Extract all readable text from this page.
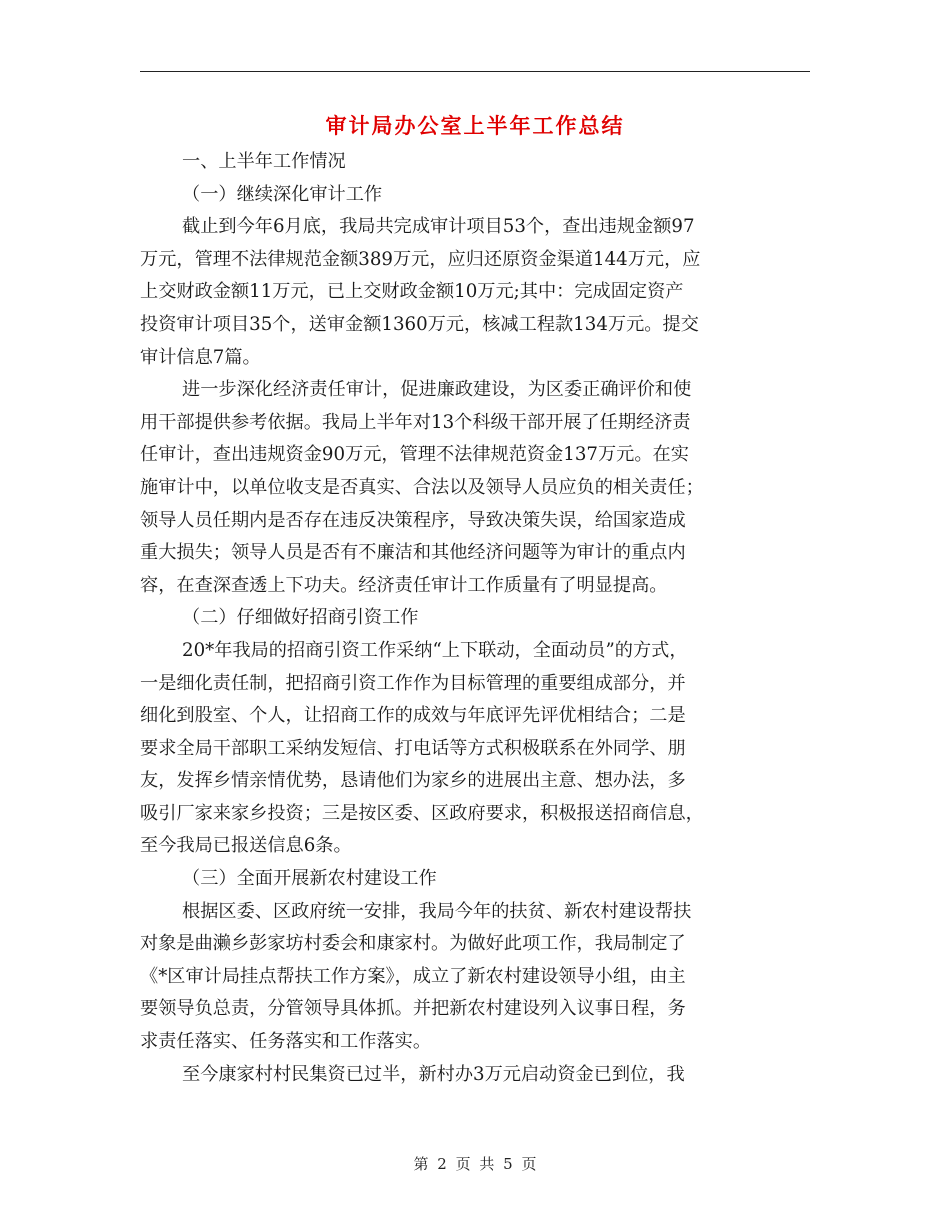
审计局办公室上半年工作总结
一、上半年工作情况
（一）继续深化审计工作
截止到今年6月底，我局共完成审计项目53个，查出违规金额97
万元，管理不法律规范金额389万元，应归还原资金渠道144万元，应
上交财政金额11万元，已上交财政金额10万元;其中：完成固定资产
投资审计项目35个，送审金额1360万元，核减工程款134万元。提交
审计信息7篇。
进一步深化经济责任审计，促进廉政建设，为区委正确评价和使
用干部提供参考依据。我局上半年对13个科级干部开展了任期经济责
任审计，查出违规资金90万元，管理不法律规范资金137万元。在实
施审计中，以单位收支是否真实、合法以及领导人员应负的相关责任；
领导人员任期内是否存在违反决策程序，导致决策失误，给国家造成
重大损失；领导人员是否有不廉洁和其他经济问题等为审计的重点内
容，在查深查透上下功夫。经济责任审计工作质量有了明显提高。
（二）仔细做好招商引资工作
20*年我局的招商引资工作采纳“上下联动，全面动员”的方式，
一是细化责任制，把招商引资工作作为目标管理的重要组成部分，并
细化到股室、个人，让招商工作的成效与年底评先评优相结合；二是
要求全局干部职工采纳发短信、打电话等方式积极联系在外同学、朋
友，发挥乡情亲情优势，恳请他们为家乡的进展出主意、想办法，多
吸引厂家来家乡投资；三是按区委、区政府要求，积极报送招商信息，
至今我局已报送信息6条。
（三）全面开展新农村建设工作
根据区委、区政府统一安排，我局今年的扶贫、新农村建设帮扶
对象是曲濑乡彭家坊村委会和康家村。为做好此项工作，我局制定了
《*区审计局挂点帮扶工作方案》，成立了新农村建设领导小组，由主
要领导负总责，分管领导具体抓。并把新农村建设列入议事日程，务
求责任落实、任务落实和工作落实。
至今康家村村民集资已过半，新村办3万元启动资金已到位，我
第 2 页 共 5 页
